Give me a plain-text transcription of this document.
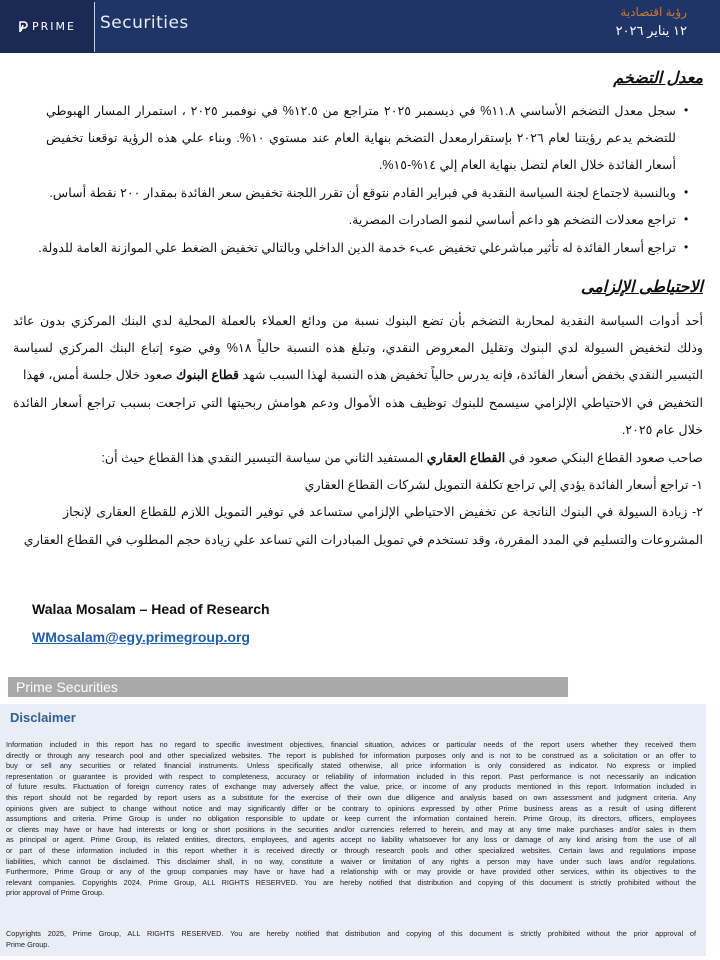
PRIME Securities
رؤية اقتصادية
١٢ يناير ٢٠٢٦
معدل التضخم
•
سجل معدل التضخم الأساسي ١١.٨% في ديسمبر ٢٠٢٥ متراجع من ١٢.٥% في نوفمبر ٢٠٢٥ ، استمرار المسار الهبوطي
للتضخم يدعم رؤيتنا لعام ٢٠٢٦ بإستقرارمعدل التضخم بنهاية العام عند مستوي ١٠%. وبناء علي هذه الرؤية توقعنا تخفيض
أسعار الفائدة خلال العام لتصل بنهاية العام إلي ١٤%-١٥%.
•
وبالنسبة لاجتماع لجنة السياسة النقدية في فبراير القادم نتوقع أن تقرر اللجنة تخفيض سعر الفائدة بمقدار ٢٠٠ نقطة أساس.
•
تراجع معدلات التضخم هو داعم أساسي لنمو الصادرات المصرية.
•
تراجع أسعار الفائدة له تأثير مباشرعلي تخفيض عبء خدمة الدين الداخلي وبالتالي تخفيض الضغط علي الموازنة العامة للدولة.
الاحتياطى الإلزامى
أحد أدوات السياسة النقدية لمحاربة التضخم بأن تضع البنوك نسبة من ودائع العملاء بالعملة المحلية لدي البنك المركزي بدون عائد
وذلك لتخفيض السيولة لدي البنوك وتقليل المعروض النقدي، وتبلغ هذه النسبة حالياً ١٨% وفي ضوء إتباع البنك المركزي لسياسة
التيسير النقدي بخفض أسعار الفائدة، فإنه يدرس حالياً تخفيض هذه النسبة لهذا السبب شهد قطاع البنوك صعود خلال جلسة أمس، فهذا
التخفيض في الاحتياطي الإلزامي سيسمح للبنوك توظيف هذه الأموال ودعم هوامش ربحيتها التي تراجعت بسبب تراجع أسعار الفائدة
خلال عام ٢٠٢٥.
صاحب صعود القطاع البنكي صعود في القطاع العقاري المستفيد الثاني من سياسة التيسير النقدي هذا القطاع حيث أن:
١- تراجع أسعار الفائدة يؤدي إلي تراجع تكلفة التمويل لشركات القطاع العقاري
٢- زيادة السيولة في البنوك الناتجة عن تخفيض الاحتياطي الإلزامي ستساعد في توفير التمويل اللازم للقطاع العقارى لإنجاز
المشروعات والتسليم في المدد المقررة، وقد تستخدم في تمويل المبادرات التي تساعد علي زيادة حجم المطلوب في القطاع العقاري
Walaa Mosalam – Head of Research
WMosalam@egy.primegroup.org
Prime Securities
Disclaimer
Information included in this report has no regard to specific investment objectives, financial situation, advices or particular needs of the report users whether they received them
directly or through any research pool and other specialized websites. The report is published for information purposes only and is not to be construed as a solicitation or an offer to
buy or sell any securities or related financial instruments. Unless specifically stated otherwise, all price information is only considered as indicator. No express or implied
representation or guarantee is provided with respect to completeness, accuracy or reliability of information included in this report. Past performance is not necessarily an indication
of future results. Fluctuation of foreign currency rates of exchange may adversely affect the value, price, or income of any products mentioned in this report. Information included in
this report should not be regarded by report users as a substitute for the exercise of their own due diligence and analysis based on own assessment and judgment criteria. Any
opinions given are subject to change without notice and may significantly differ or be contrary to opinions expressed by other Prime business areas as a result of using different
assumptions and criteria. Prime Group is under no obligation responsible to update or keep current the information contained herein. Prime Group, its directors, officers, employees
or clients may have or have had interests or long or short positions in the securities and/or currencies referred to herein, and may at any time make purchases and/or sales in them
as principal or agent. Prime Group, its related entities, directors, employees, and agents accept no liability whatsoever for any loss or damage of any kind arising from the use of all
or part of these information included in this report whether it is received directly or through research pools and other specialized websites. Certain laws and regulations impose
liabilities, which cannot be disclaimed. This disclaimer shall, in no way, constitute a waiver or limitation of any rights a person may have under such laws and/or regulations.
Furthermore, Prime Group or any of the group companies may have or have had a relationship with or may provide or have provided other services, within its objectives to the
relevant companies. Copyrights 2024, Prime Group, ALL RIGHTS RESERVED. You are hereby notified that distribution and copying of this document is strictly prohibited without the
prior approval of Prime Group.
Copyrights 2025, Prime Group, ALL RIGHTS RESERVED. You are hereby notified that distribution and copying of this document is strictly prohibited without the prior approval of
Prime Group.
